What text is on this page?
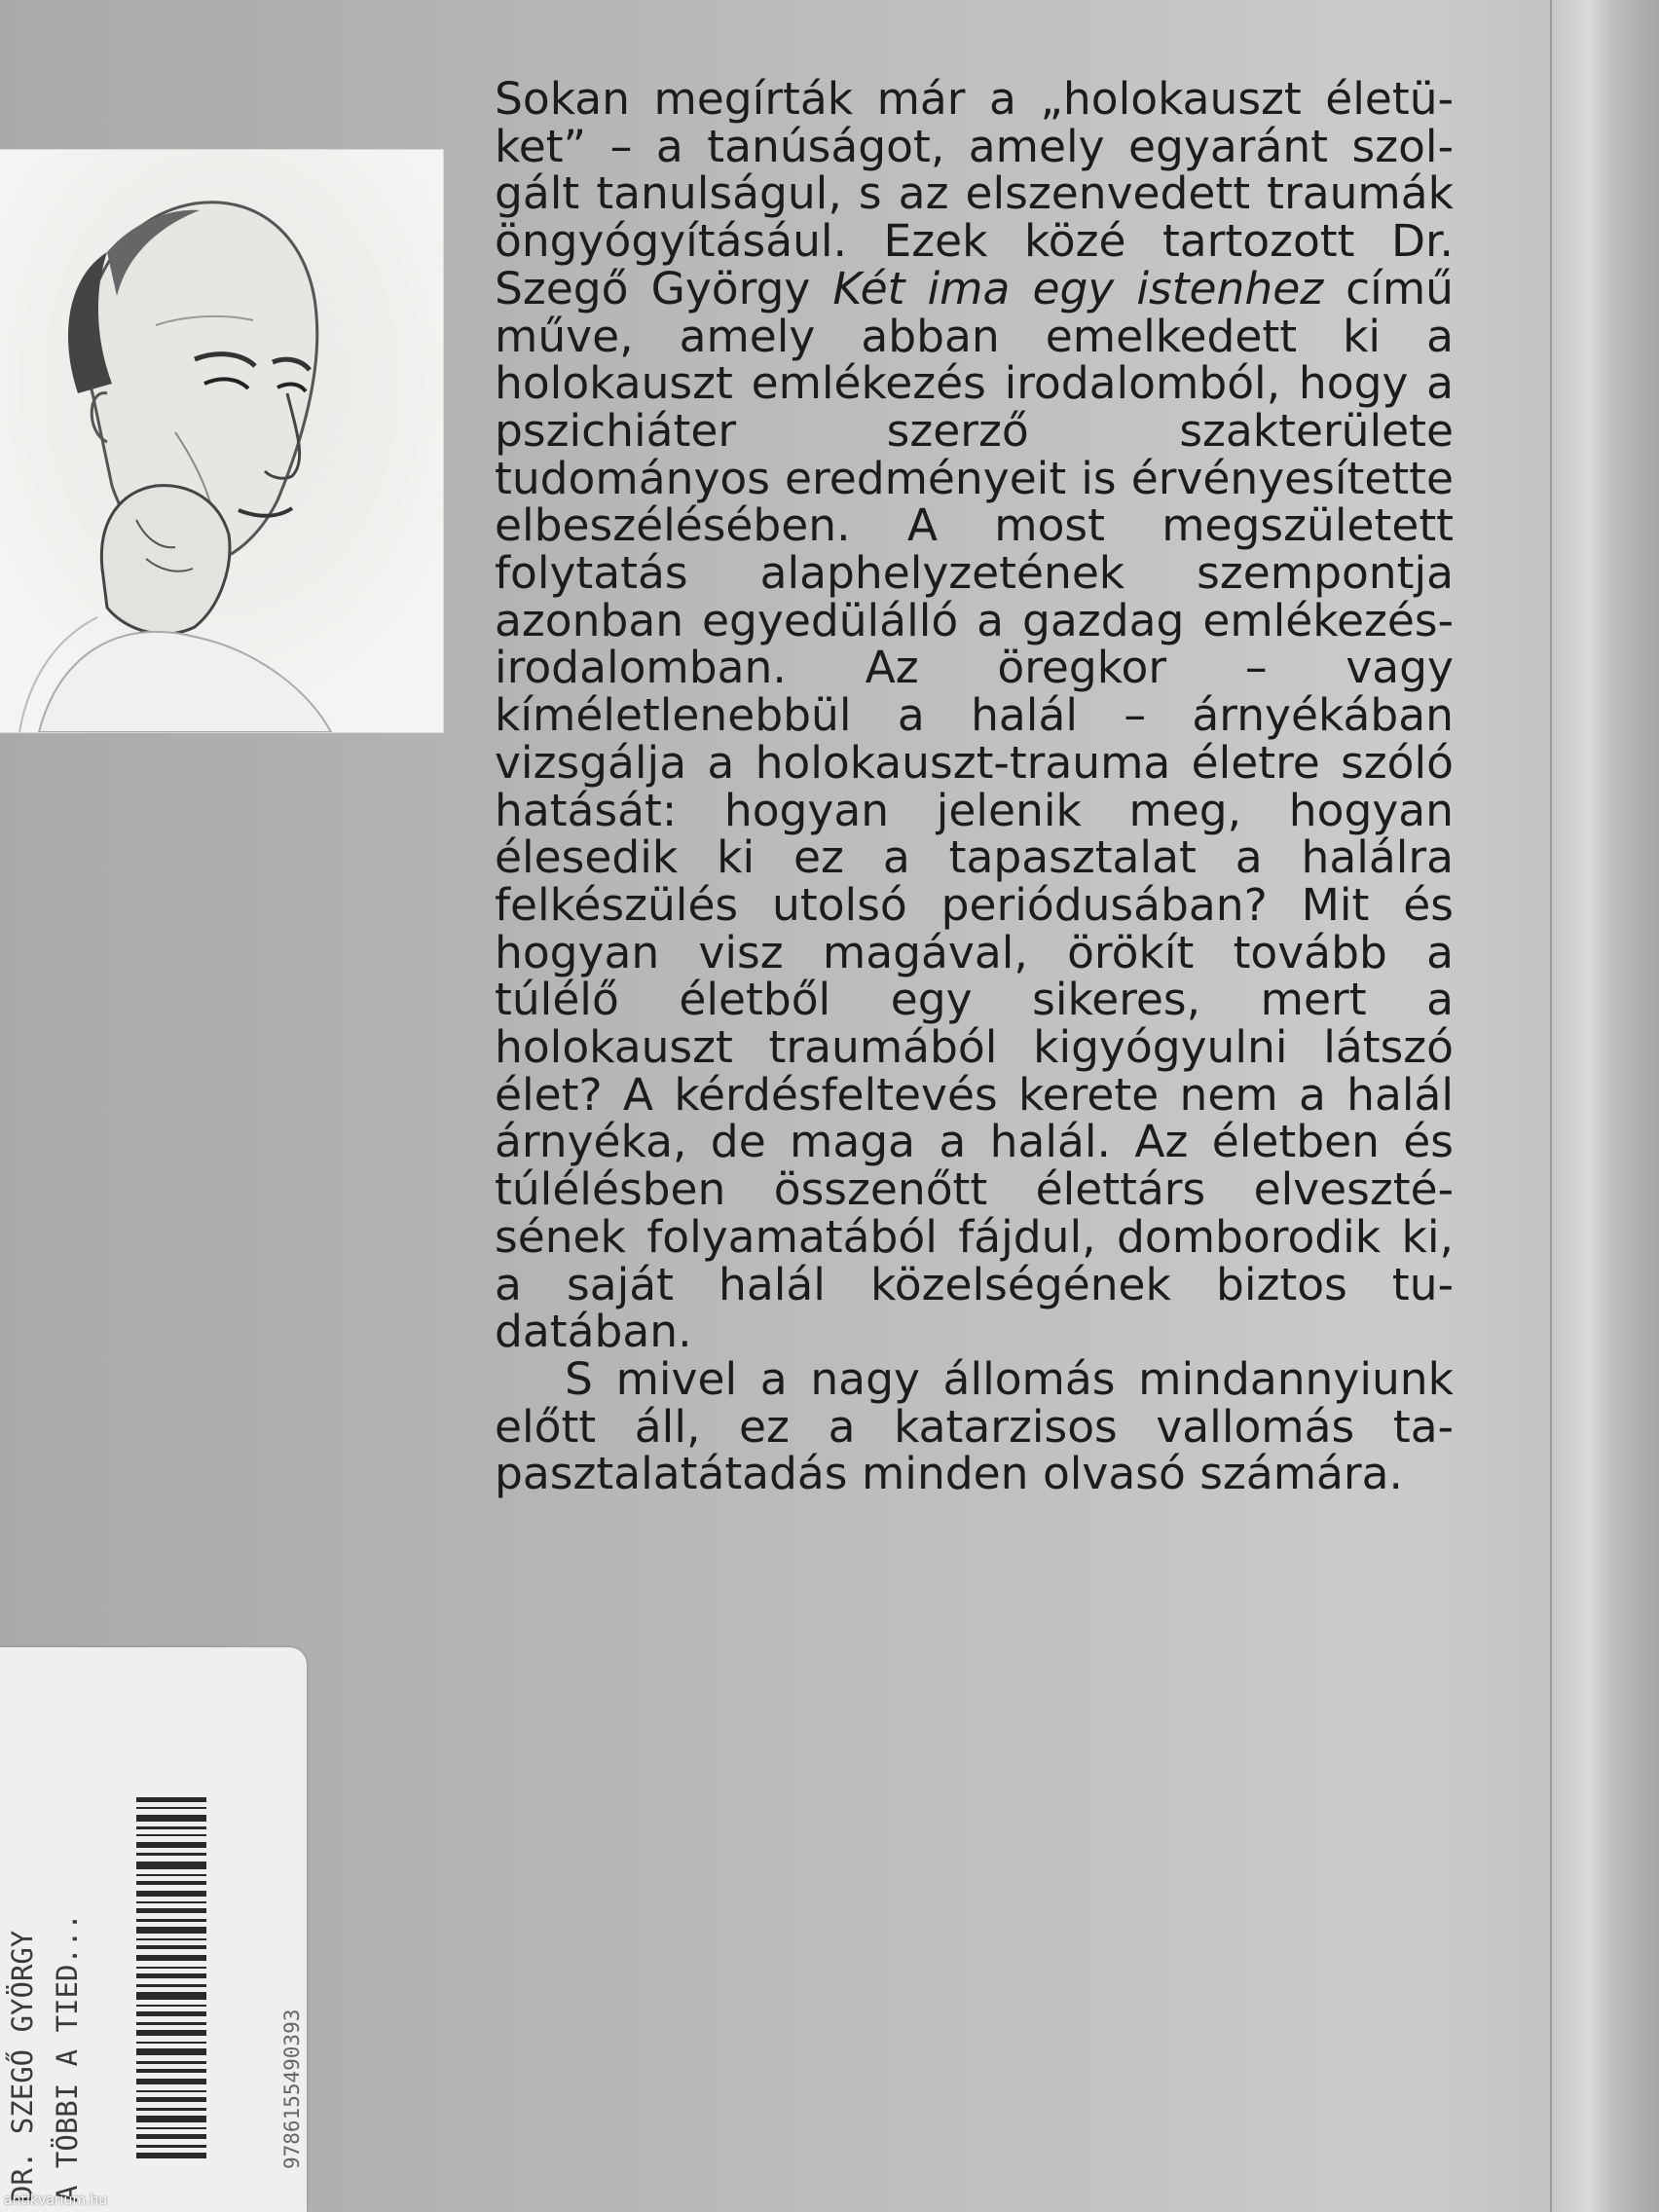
Sokan megírták már a „holokauszt életüket” – a tanúságot, amely egyaránt szolgált tanulságul, s az elszenvedett traumák öngyógyításául. Ezek közé tartozott Dr. Szegő György Két ima egy istenhez című műve, amely abban emelkedett ki a holokauszt emlékezés irodalomból, hogy a pszichiáter szerző szakterülete tudományos eredményeit is érvényesítette elbeszélésében. A most megszületett folytatás alaphelyzetének szempontja azonban egyedülálló a gazdag emlékezés-irodalomban. Az öregkor – vagy kíméletlenebbül a halál – árnyékában vizsgálja a holokauszt-trauma életre szóló hatását: hogyan jelenik meg, hogyan élesedik ki ez a tapasztalat a halálra felkészülés utolsó periódusában? Mit és hogyan visz magával, örökít tovább a túlélő életből egy sikeres, mert a holokauszt traumából kigyógyulni látszó élet? A kérdésfeltevés kerete nem a halál árnyéka, de maga a halál. Az életben és túlélésben összenőtt élettárs elvesztésének folyamatából fájdul, domborodik ki, a saját halál közelségének biztos tudatában.

S mivel a nagy állomás mindannyiunk előtt áll, ez a katarzisos vallomás tapasztalatátadás minden olvasó számára.

DR. SZEGŐ GYÖRGY A TÖBBI A TIED...	9786155490393
antikvarium.hu
